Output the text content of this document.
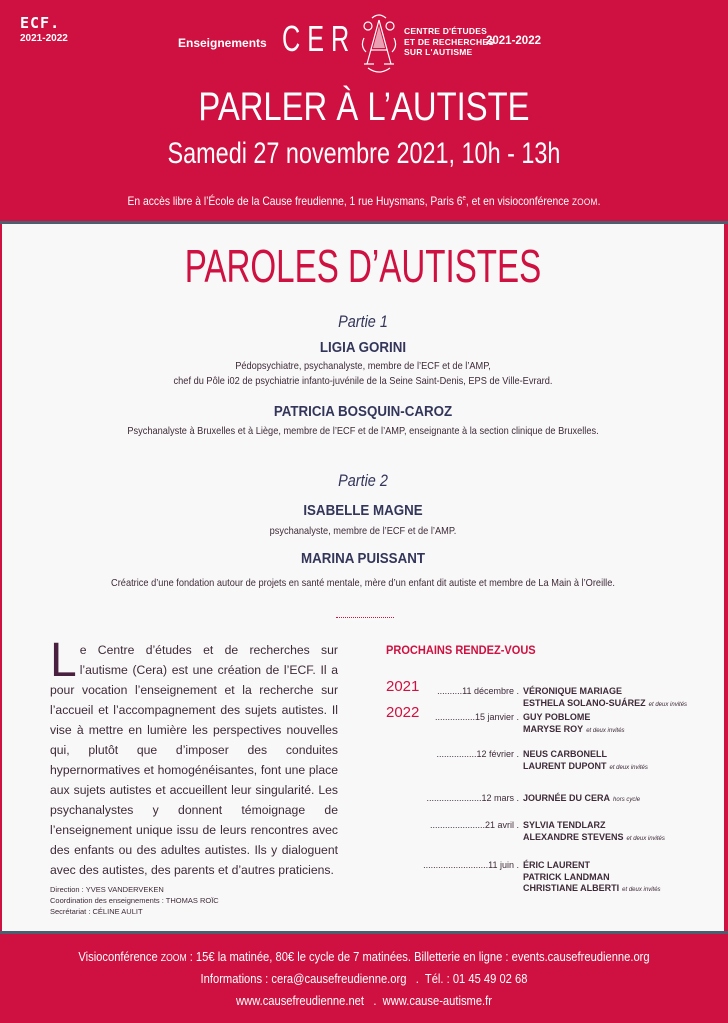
ECF.
2021-2022	Enseignements CER	CENTRE D'ÉTUDES
ET DE RECHERCHES
SUR L'AUTISME
2021-2022
PARLER À L’AUTISTE
Samedi 27 novembre 2021, 10h - 13h
En accès libre à l’École de la Cause freudienne, 1 rue Huysmans, Paris 6e, et en visioconférence ZOOM.
PAROLES D’AUTISTES
Partie 1
LIGIA GORINI
Pédopsychiatre, psychanalyste, membre de l’ECF et de l’AMP,
chef du Pôle i02 de psychiatrie infanto-juvénile de la Seine Saint-Denis, EPS de Ville-Evrard.
PATRICIA BOSQUIN-CAROZ
Psychanalyste à Bruxelles et à Liège, membre de l’ECF et de l’AMP, enseignante à la section clinique de Bruxelles.
Partie 2
ISABELLE MAGNE
psychanalyste, membre de l’ECF et de l’AMP.
MARINA PUISSANT
Créatrice d’une fondation autour de projets en santé mentale, mère d’un enfant dit autiste et membre de La Main à l’Oreille.
Le Centre d’études et de recherches sur l’autisme (Cera) est une création de l’ECF. Il a pour vocation l’enseignement et la recherche sur l’accueil et l’accompagnement des sujets autistes. Il vise à mettre en lumière les perspectives nouvelles qui, plutôt que d’imposer des conduites hypernormatives et homogénéisantes, font une place aux sujets autistes et accueillent leur singularité. Les psychanalystes y donnent témoignage de l’enseignement unique issu de leurs rencontres avec des enfants ou des adultes autistes. Ils y dialoguent avec des autistes, des parents et d’autres praticiens.
Direction : YVES VANDERVEKEN
Coordination des enseignements : THOMAS ROÏC
Secrétariat : CÉLINE AULIT
PROCHAINS RENDEZ-VOUS
2021
2022
..........11 décembre . VÉRONIQUE MARIAGE
ESTHELA SOLANO-SUÁREZ et deux invités
................15 janvier . GUY POBLOME
MARYSE ROY et deux invités
................12 février . NEUS CARBONELL
LAURENT DUPONT et deux invités
......................12 mars . JOURNÉE DU CERA hors cycle
......................21 avril . SYLVIA TENDLARZ
ALEXANDRE STEVENS et deux invités
..........................11 juin . ÉRIC LAURENT
PATRICK LANDMAN
CHRISTIANE ALBERTI et deux invités
Visioconférence ZOOM : 15€ la matinée, 80€ le cycle de 7 matinées. Billetterie en ligne : events.causefreudienne.org
Informations : cera@causefreudienne.org   .  Tél. : 01 45 49 02 68
www.causefreudienne.net   .  www.cause-autisme.fr
